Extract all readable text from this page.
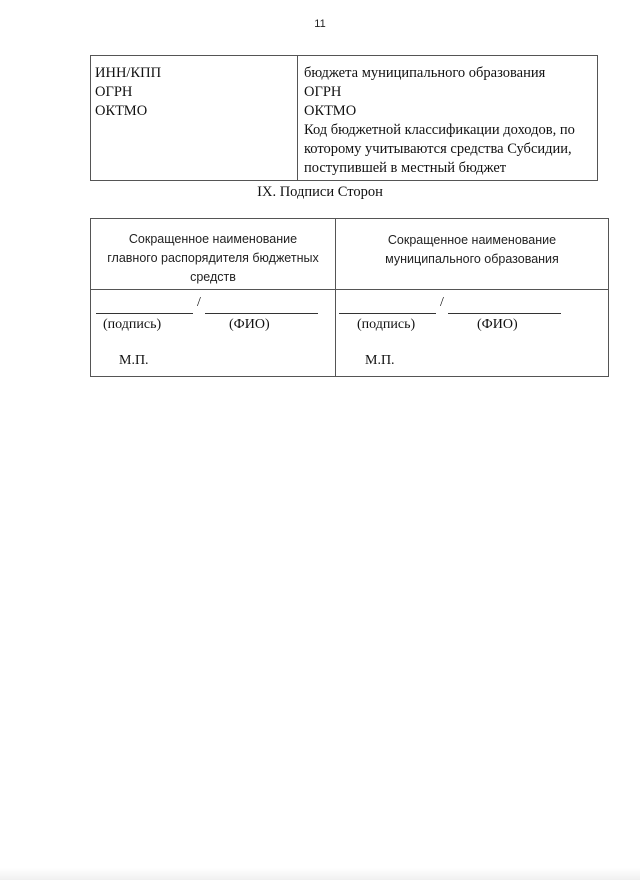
11
ИНН/КПП
ОГРН
ОКТМО
бюджета муниципального образования
ОГРН
ОКТМО
Код бюджетной классификации доходов, по
которому учитываются средства Субсидии,
поступившей в местный бюджет
IX. Подписи Сторон
Сокращенное наименование
главного распорядителя бюджетных
средств
Сокращенное наименование
муниципального образования
/
(подпись)	(ФИО)
М.П.
/
(подпись)	(ФИО)
М.П.
